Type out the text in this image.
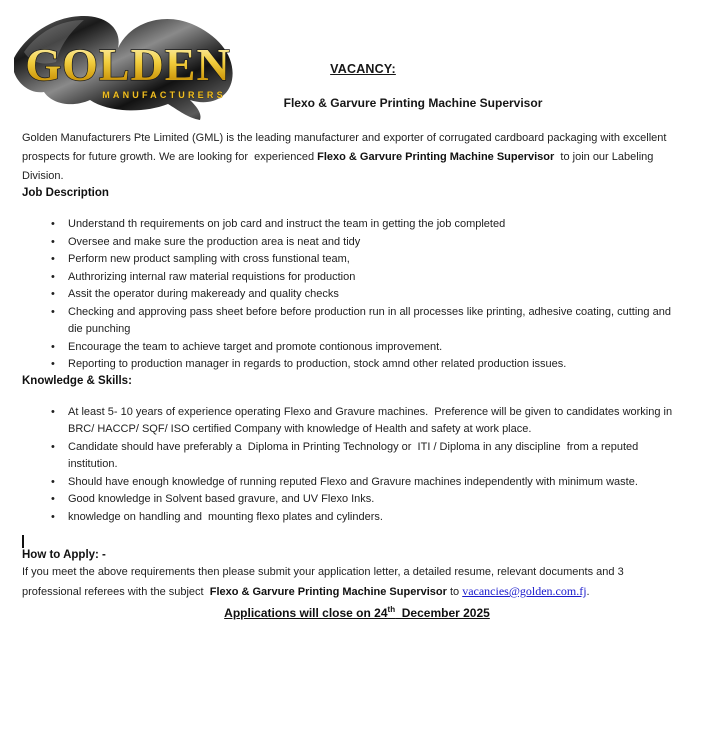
GOLDEN
MANUFACTURERS
VACANCY:
Flexo & Garvure Printing Machine Supervisor

Golden Manufacturers Pte Limited (GML) is the leading manufacturer and exporter of corrugated cardboard packaging with excellent prospects for future growth. We are looking for  experienced Flexo & Garvure Printing Machine Supervisor  to join our Labeling Division.

Job Description

• Understand th requirements on job card and instruct the team in getting the job completed
• Oversee and make sure the production area is neat and tidy
• Perform new product sampling with cross funstional team,
• Authrorizing internal raw material requistions for production
• Assit the operator during makeready and quality checks
• Checking and approving pass sheet before before production run in all processes like printing, adhesive coating, cutting and die punching
• Encourage the team to achieve target and promote contionous improvement.
• Reporting to production manager in regards to production, stock amnd other related production issues.

Knowledge & Skills:

• At least 5- 10 years of experience operating Flexo and Gravure machines.  Preference will be given to candidates working in BRC/ HACCP/ SQF/ ISO certified Company with knowledge of Health and safety at work place.
• Candidate should have preferably a  Diploma in Printing Technology or  ITI / Diploma in any discipline  from a reputed institution.
• Should have enough knowledge of running reputed Flexo and Gravure machines independently with minimum waste.
• Good knowledge in Solvent based gravure, and UV Flexo Inks.
• knowledge on handling and  mounting flexo plates and cylinders.

How to Apply: -

If you meet the above requirements then please submit your application letter, a detailed resume, relevant documents and 3 professional referees with the subject  Flexo & Garvure Printing Machine Supervisor to vacancies@golden.com.fj.

Applications will close on 24th  December 2025
